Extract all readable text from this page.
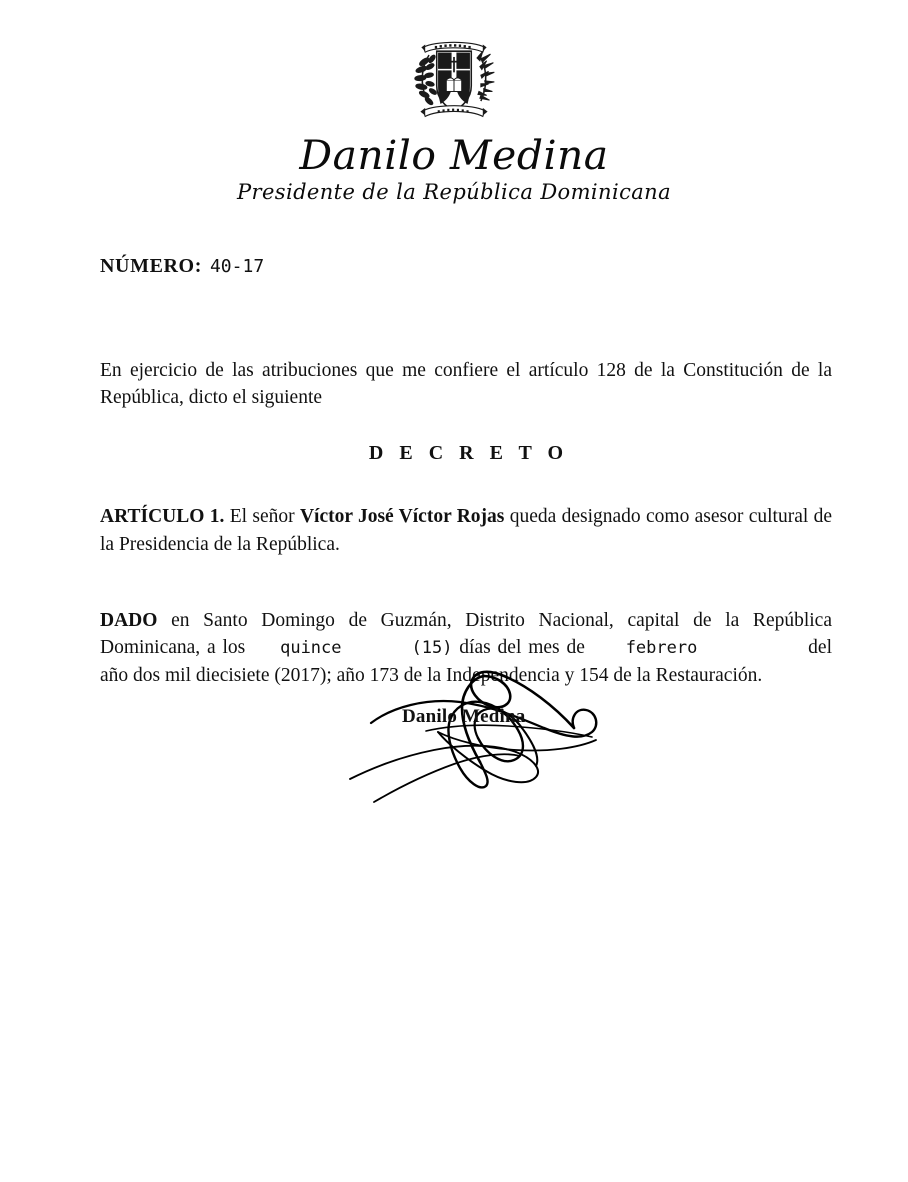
Danilo Medina
Presidente de la República Dominicana

NÚMERO: 40-17

En ejercicio de las atribuciones que me confiere el artículo 128 de la Constitución de la República, dicto el siguiente

D E C R E T O

ARTÍCULO 1. El señor Víctor José Víctor Rojas queda designado como asesor cultural de la Presidencia de la República.

DADO en Santo Domingo de Guzmán, Distrito Nacional, capital de la República Dominicana, a los quince	(15) días del mes de febrero	del año dos mil diecisiete (2017); año 173 de la Independencia y 154 de la Restauración.

Danilo Medina
